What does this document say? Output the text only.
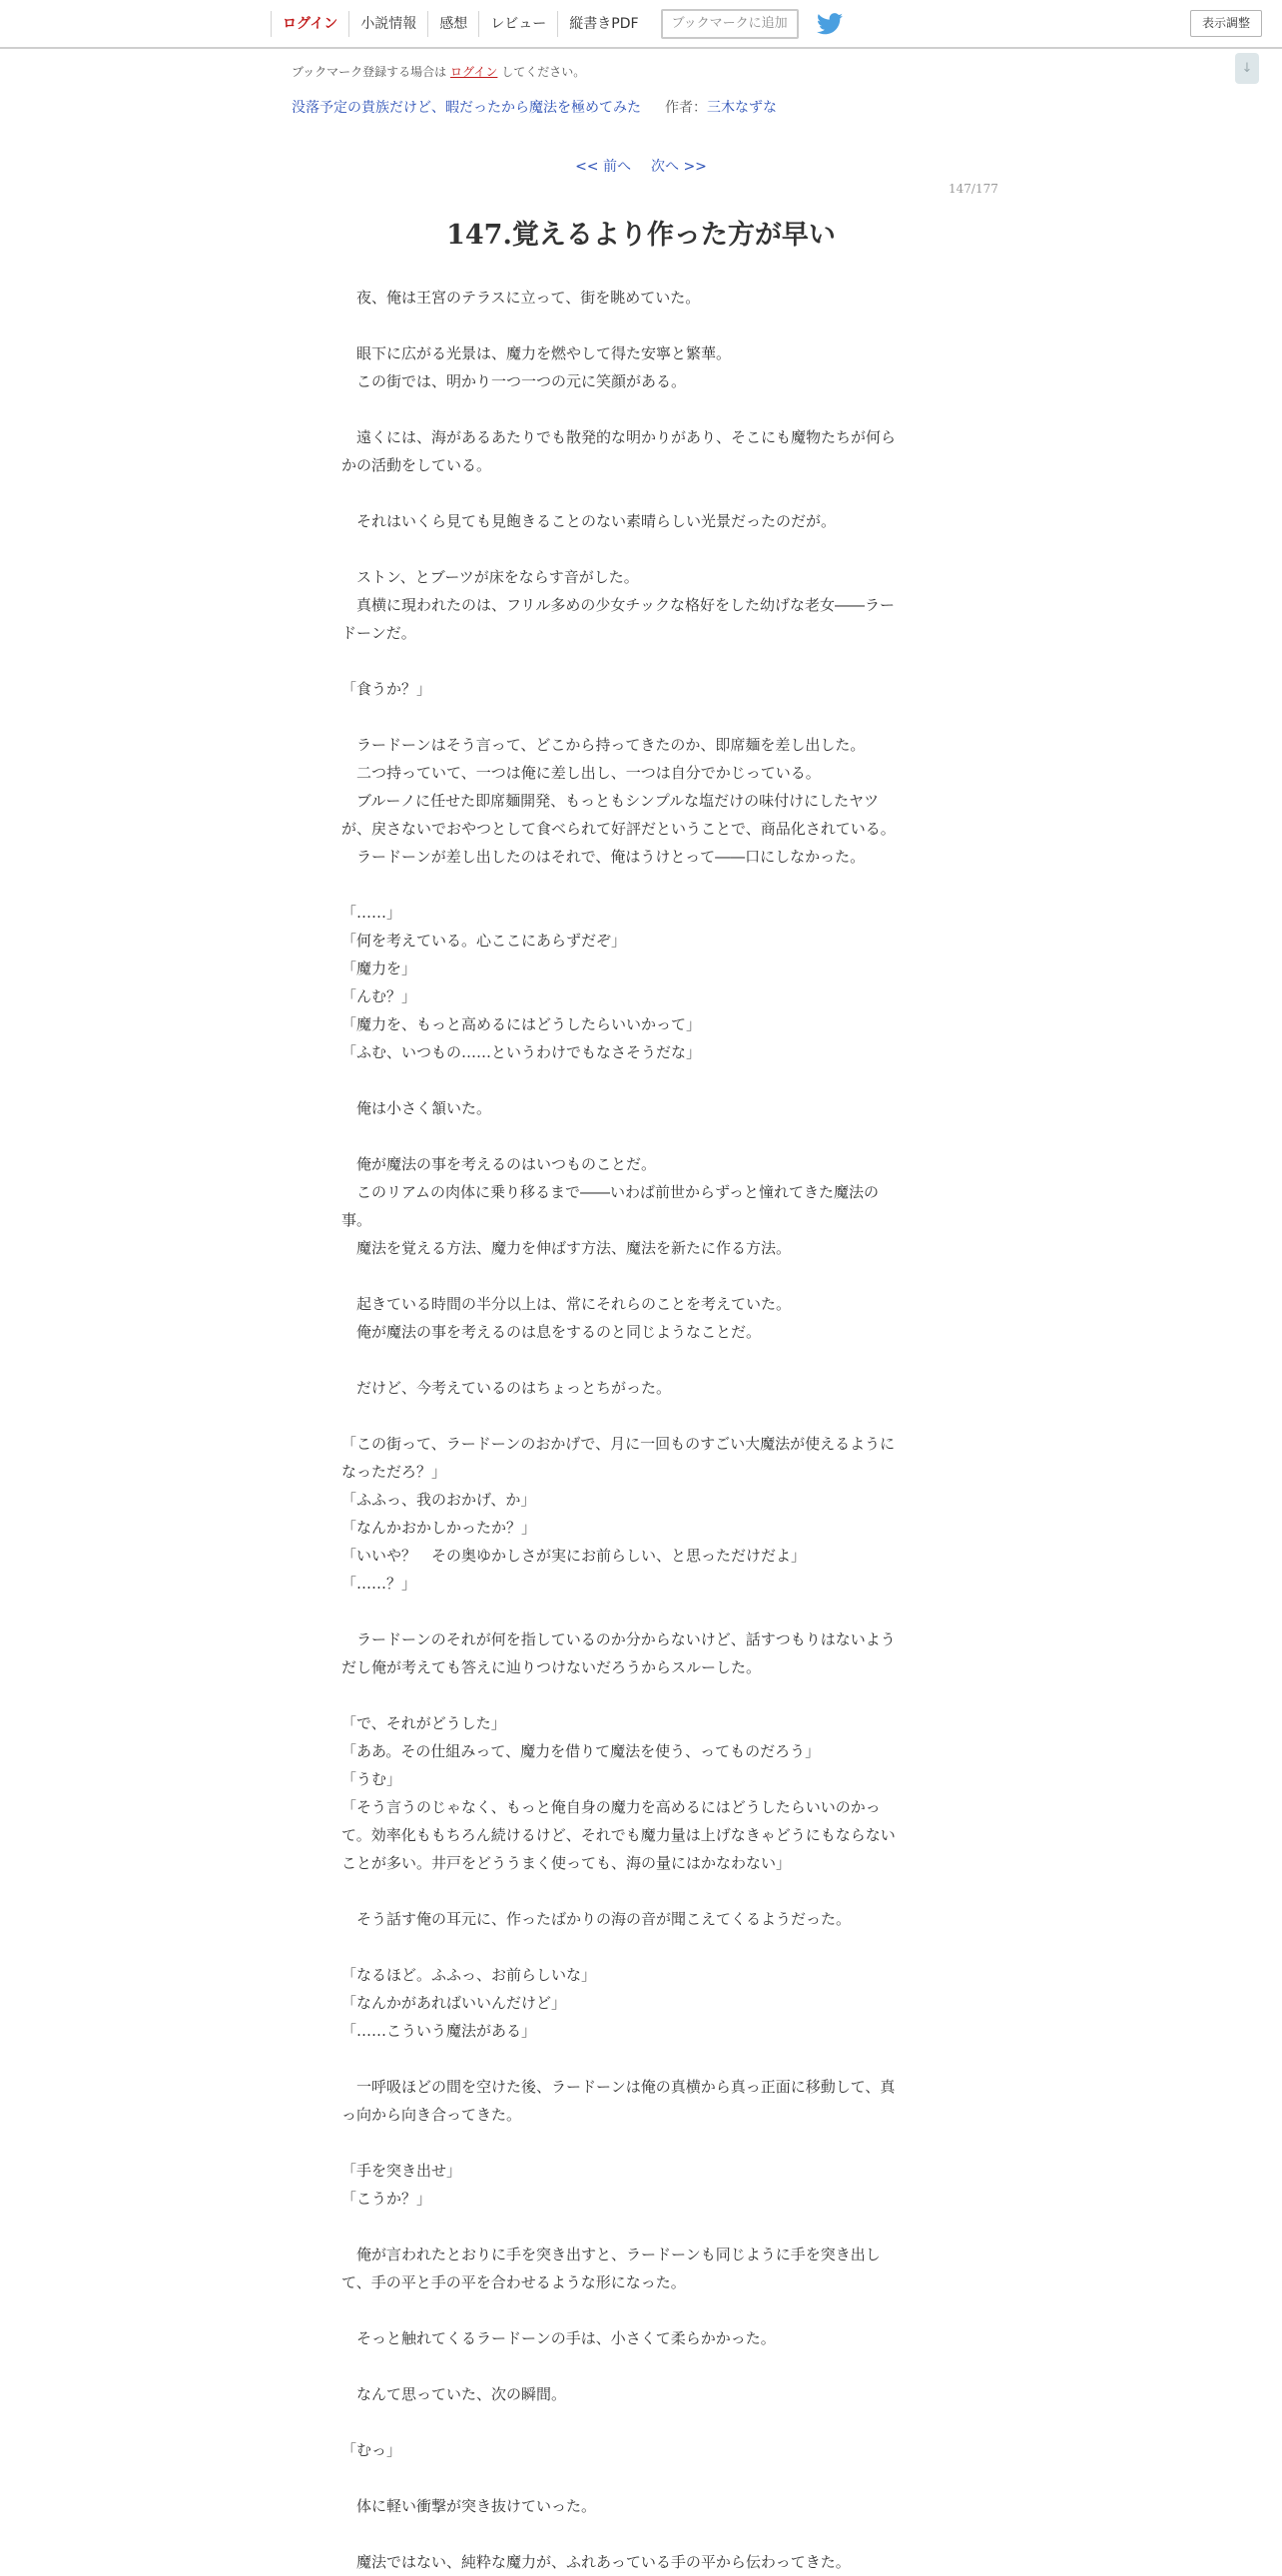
ログイン	小説情報	感想	レビュー	縦書きPDF	ブックマークに追加	表示調整
↓
ブックマーク登録する場合は ログイン してください。
没落予定の貴族だけど、暇だったから魔法を極めてみた 作者：三木なずな
<< 前へ 次へ >>
147/177
147.覚えるより作った方が早い
　夜、俺は王宮のテラスに立って、街を眺めていた。
　眼下に広がる光景は、魔力を燃やして得た安寧と繁華。
　この街では、明かり一つ一つの元に笑顔がある。
　遠くには、海があるあたりでも散発的な明かりがあり、そこにも魔物たちが何ら
かの活動をしている。
　それはいくら見ても見飽きることのない素晴らしい光景だったのだが。
　ストン、とブーツが床をならす音がした。
　真横に現われたのは、フリル多めの少女チックな格好をした幼げな老女――ラー
ドーンだ。
「食うか？」
　ラードーンはそう言って、どこから持ってきたのか、即席麺を差し出した。
　二つ持っていて、一つは俺に差し出し、一つは自分でかじっている。
　ブルーノに任せた即席麺開発、もっともシンプルな塩だけの味付けにしたヤツ
が、戻さないでおやつとして食べられて好評だということで、商品化されている。
　ラードーンが差し出したのはそれで、俺はうけとって――口にしなかった。
「……」
「何を考えている。心ここにあらずだぞ」
「魔力を」
「んむ？」
「魔力を、もっと高めるにはどうしたらいいかって」
「ふむ、いつもの……というわけでもなさそうだな」
　俺は小さく頷いた。
　俺が魔法の事を考えるのはいつものことだ。
　このリアムの肉体に乗り移るまで――いわば前世からずっと憧れてきた魔法の
事。
　魔法を覚える方法、魔力を伸ばす方法、魔法を新たに作る方法。
　起きている時間の半分以上は、常にそれらのことを考えていた。
　俺が魔法の事を考えるのは息をするのと同じようなことだ。
　だけど、今考えているのはちょっとちがった。
「この街って、ラードーンのおかげで、月に一回ものすごい大魔法が使えるように
なっただろ？」
「ふふっ、我のおかげ、か」
「なんかおかしかったか？」
「いいや？　その奥ゆかしさが実にお前らしい、と思っただけだよ」
「……？」
　ラードーンのそれが何を指しているのか分からないけど、話すつもりはないよう
だし俺が考えても答えに辿りつけないだろうからスルーした。
「で、それがどうした」
「ああ。その仕組みって、魔力を借りて魔法を使う、ってものだろう」
「うむ」
「そう言うのじゃなく、もっと俺自身の魔力を高めるにはどうしたらいいのかっ
て。効率化ももちろん続けるけど、それでも魔力量は上げなきゃどうにもならない
ことが多い。井戸をどううまく使っても、海の量にはかなわない」
　そう話す俺の耳元に、作ったばかりの海の音が聞こえてくるようだった。
「なるほど。ふふっ、お前らしいな」
「なんかがあればいいんだけど」
「……こういう魔法がある」
　一呼吸ほどの間を空けた後、ラードーンは俺の真横から真っ正面に移動して、真
っ向から向き合ってきた。
「手を突き出せ」
「こうか？」
　俺が言われたとおりに手を突き出すと、ラードーンも同じように手を突き出し
て、手の平と手の平を合わせるような形になった。
　そっと触れてくるラードーンの手は、小さくて柔らかかった。
　なんて思っていた、次の瞬間。
「むっ」
　体に軽い衝撃が突き抜けていった。
　魔法ではない、純粋な魔力が、ふれあっている手の平から伝わってきた。
